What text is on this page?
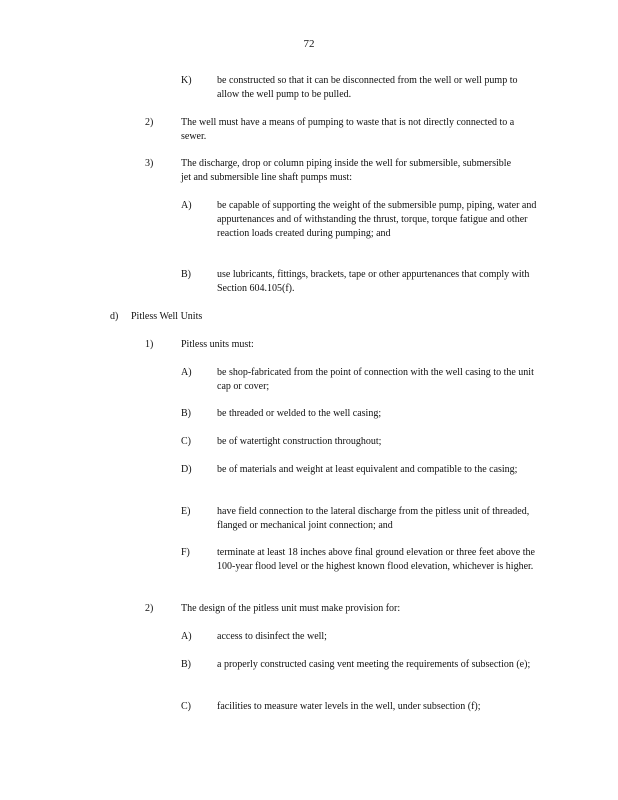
72
K)	be constructed so that it can be disconnected from the well or well pump to allow the well pump to be pulled.
2)	The well must have a means of pumping to waste that is not directly connected to a sewer.
3)	The discharge, drop or column piping inside the well for submersible, submersible jet and submersible line shaft pumps must:
A)	be capable of supporting the weight of the submersible pump, piping, water and appurtenances and of withstanding the thrust, torque, torque fatigue and other reaction loads created during pumping; and
B)	use lubricants, fittings, brackets, tape or other appurtenances that comply with Section 604.105(f).
d) Pitless Well Units
1)	Pitless units must:
A)	be shop-fabricated from the point of connection with the well casing to the unit cap or cover;
B)	be threaded or welded to the well casing;
C)	be of watertight construction throughout;
D)	be of materials and weight at least equivalent and compatible to the casing;
E)	have field connection to the lateral discharge from the pitless unit of threaded, flanged or mechanical joint connection; and
F)	terminate at least 18 inches above final ground elevation or three feet above the 100-year flood level or the highest known flood elevation, whichever is higher.
2)	The design of the pitless unit must make provision for:
A)	access to disinfect the well;
B)	a properly constructed casing vent meeting the requirements of subsection (e);
C)	facilities to measure water levels in the well, under subsection (f);
